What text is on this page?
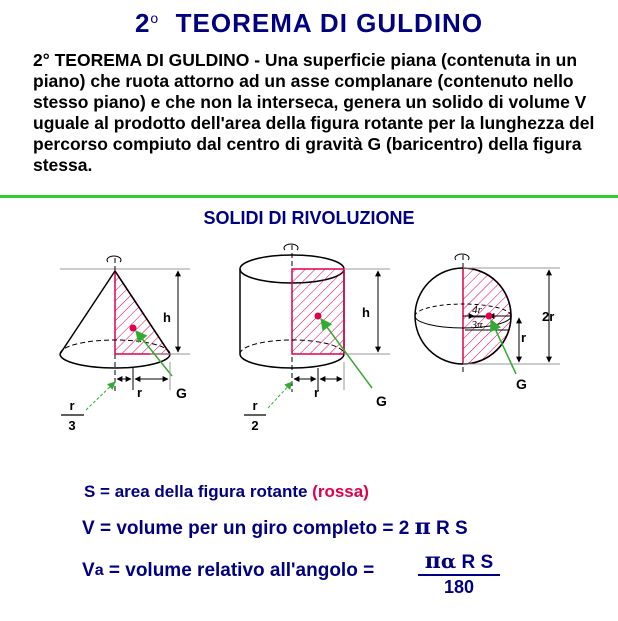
2$^o$ TEOREMA DI GULDINO
2° TEOREMA DI GULDINO - Una superficie piana (contenuta in un piano) che ruota attorno ad un asse complanare (contenuto nello stesso piano) e che non la interseca, genera un solido di volume V uguale al prodotto dell'area della figura rotante per la lunghezza del percorso compiuto dal centro di gravità G (baricentro) della figura stessa.
SOLIDI DI RIVOLUZIONE
h
r G
r
3
h
r
G
r
2
4r
3π
2r
r
G
S = area della figura rotante (rossa)
V = volume per un giro completo = 2 π R S
Va = volume relativo all'angolo =	πα R S
180
